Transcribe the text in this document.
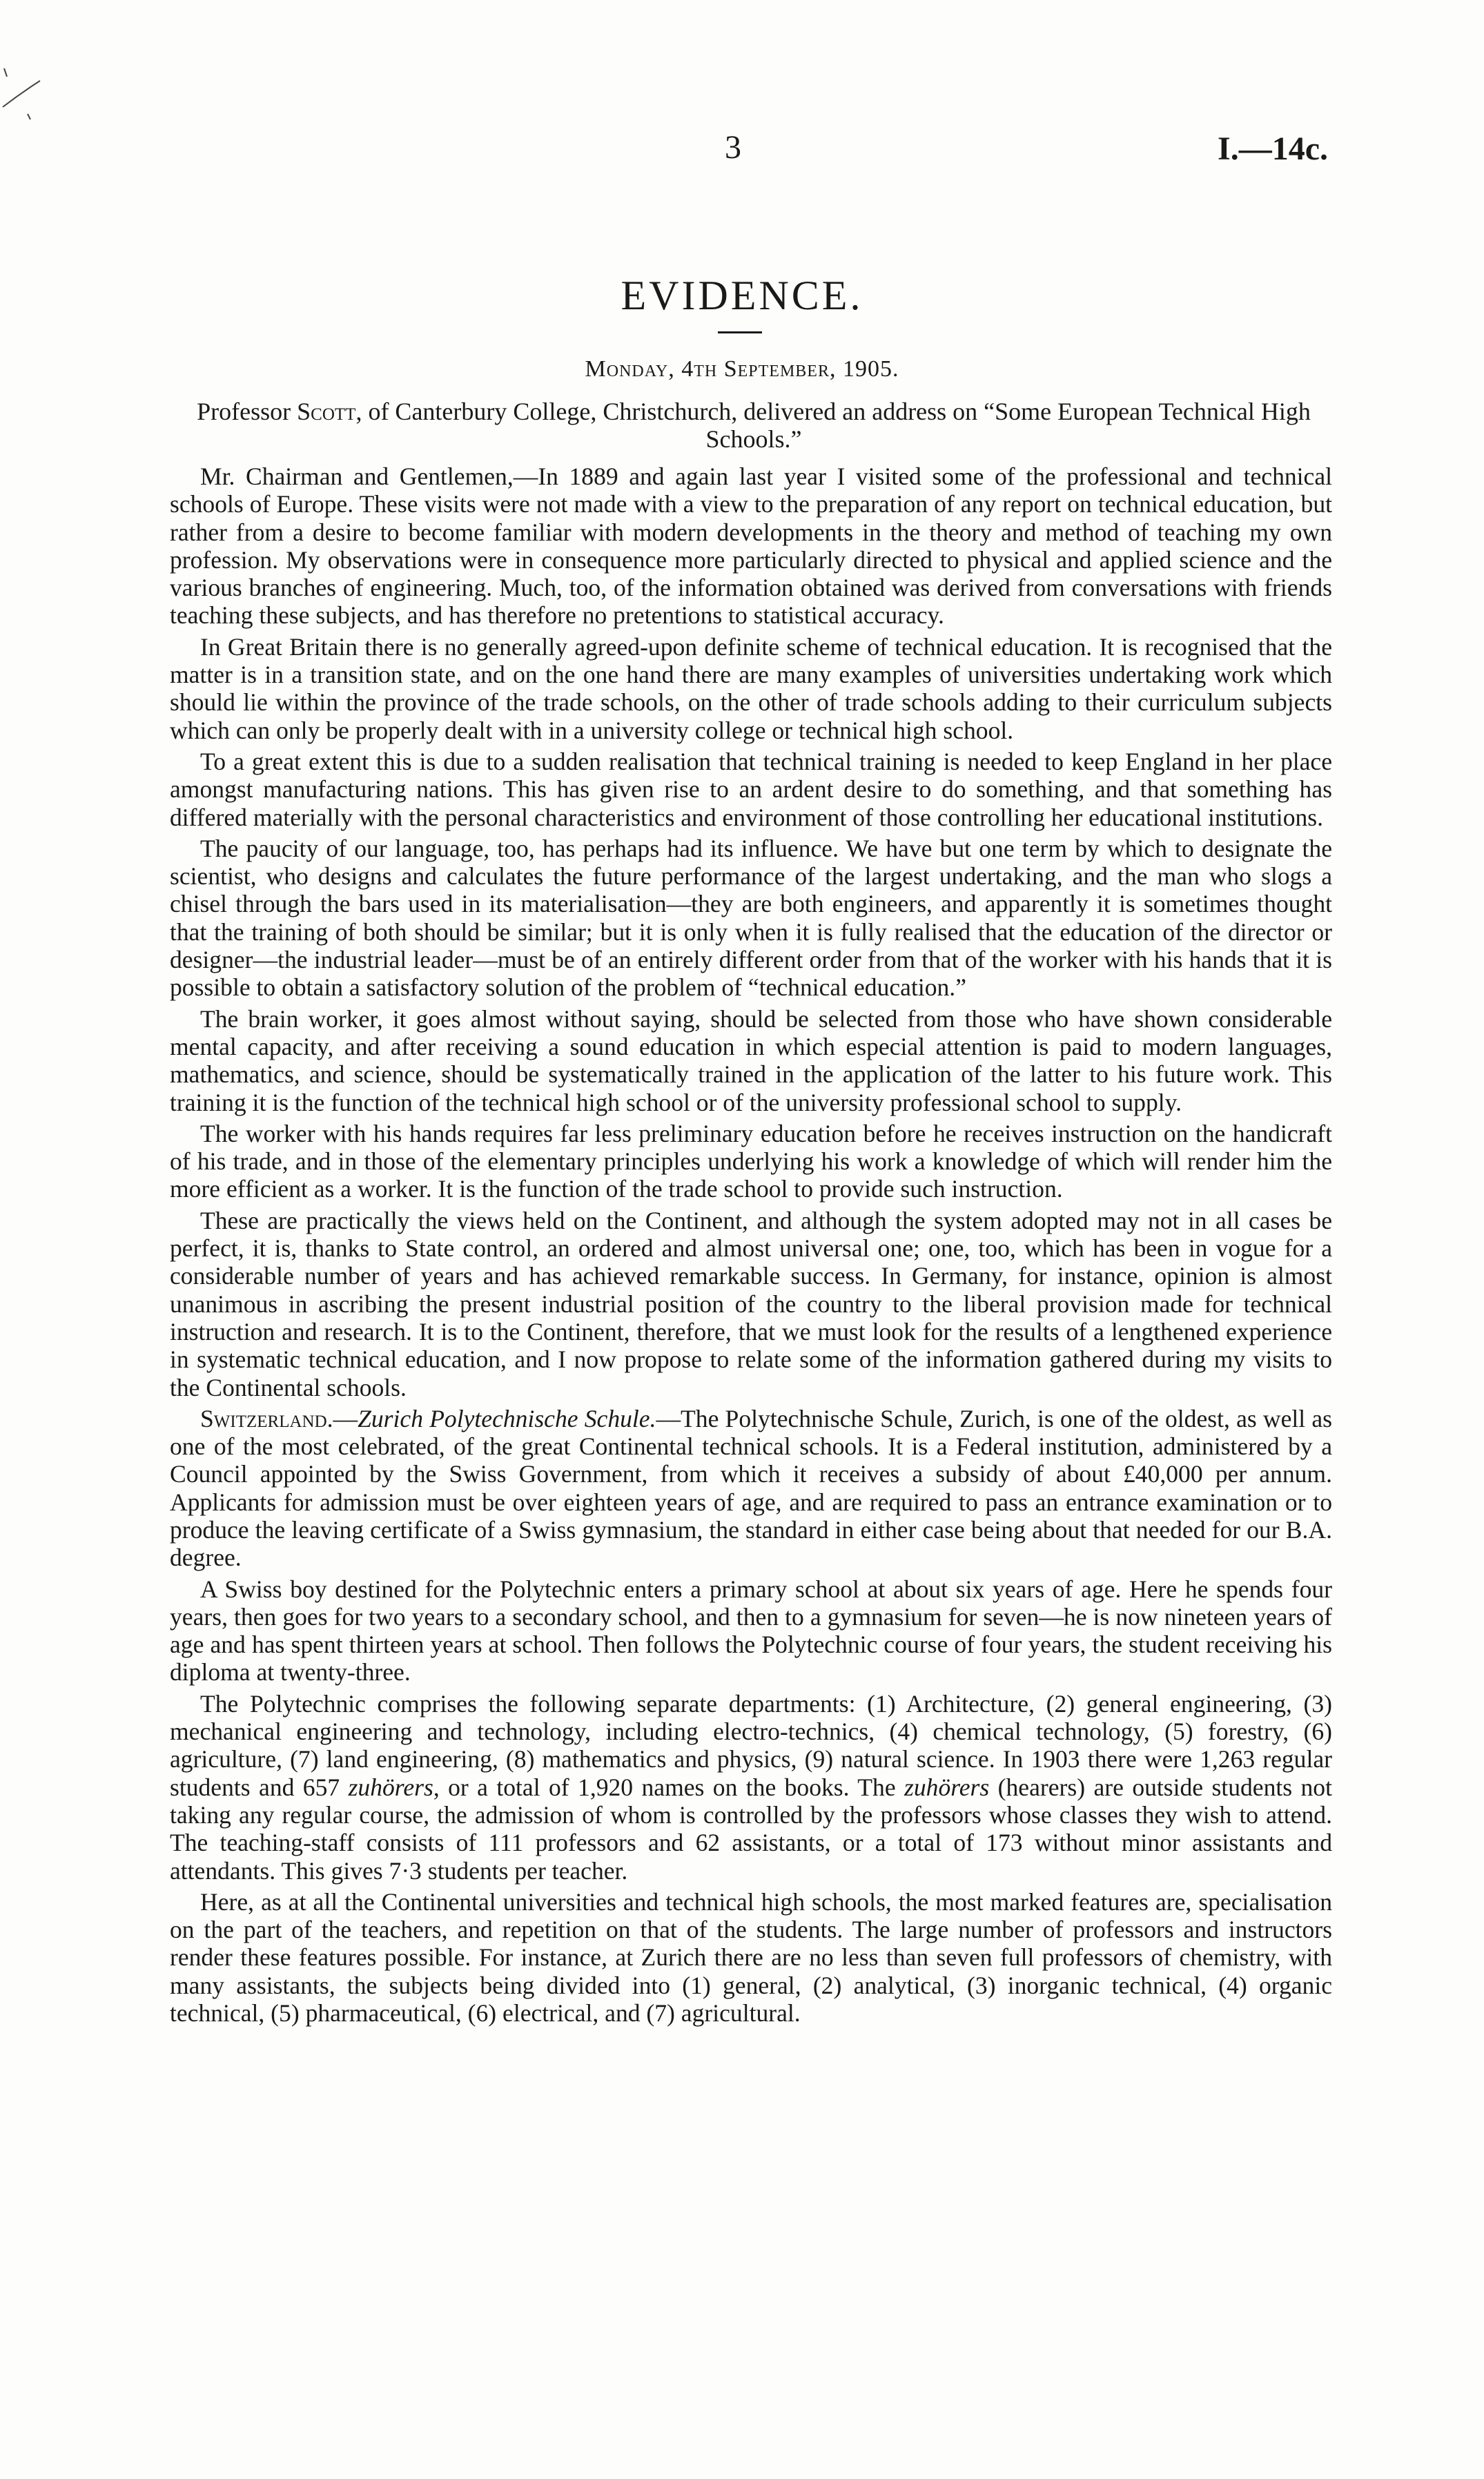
3	I.—14c.
EVIDENCE.
Monday, 4th September, 1905.
Professor Scott, of Canterbury College, Christchurch, delivered an address on “Some European Technical High Schools.”

Mr. Chairman and Gentlemen,—In 1889 and again last year I visited some of the professional and technical schools of Europe. These visits were not made with a view to the preparation of any report on technical education, but rather from a desire to become familiar with modern developments in the theory and method of teaching my own profession. My observations were in consequence more particularly directed to physical and applied science and the various branches of engineering. Much, too, of the information obtained was derived from conversations with friends teaching these subjects, and has therefore no pretentions to statistical accuracy.

In Great Britain there is no generally agreed-upon definite scheme of technical education. It is recognised that the matter is in a transition state, and on the one hand there are many examples of universities undertaking work which should lie within the province of the trade schools, on the other of trade schools adding to their curriculum subjects which can only be properly dealt with in a university college or technical high school.

To a great extent this is due to a sudden realisation that technical training is needed to keep England in her place amongst manufacturing nations. This has given rise to an ardent desire to do something, and that something has differed materially with the personal characteristics and environment of those controlling her educational institutions.

The paucity of our language, too, has perhaps had its influence. We have but one term by which to designate the scientist, who designs and calculates the future performance of the largest undertaking, and the man who slogs a chisel through the bars used in its materialisation—they are both engineers, and apparently it is sometimes thought that the training of both should be similar; but it is only when it is fully realised that the education of the director or designer—the industrial leader—must be of an entirely different order from that of the worker with his hands that it is possible to obtain a satisfactory solution of the problem of “technical education.”

The brain worker, it goes almost without saying, should be selected from those who have shown considerable mental capacity, and after receiving a sound education in which especial attention is paid to modern languages, mathematics, and science, should be systematically trained in the application of the latter to his future work. This training it is the function of the technical high school or of the university professional school to supply.

The worker with his hands requires far less preliminary education before he receives instruction on the handicraft of his trade, and in those of the elementary principles underlying his work a knowledge of which will render him the more efficient as a worker. It is the function of the trade school to provide such instruction.

These are practically the views held on the Continent, and although the system adopted may not in all cases be perfect, it is, thanks to State control, an ordered and almost universal one; one, too, which has been in vogue for a considerable number of years and has achieved remarkable success. In Germany, for instance, opinion is almost unanimous in ascribing the present industrial position of the country to the liberal provision made for technical instruction and research. It is to the Continent, therefore, that we must look for the results of a lengthened experience in systematic technical education, and I now propose to relate some of the information gathered during my visits to the Continental schools.

Switzerland.—Zurich Polytechnische Schule.—The Polytechnische Schule, Zurich, is one of the oldest, as well as one of the most celebrated, of the great Continental technical schools. It is a Federal institution, administered by a Council appointed by the Swiss Government, from which it receives a subsidy of about £40,000 per annum. Applicants for admission must be over eighteen years of age, and are required to pass an entrance examination or to produce the leaving certificate of a Swiss gymnasium, the standard in either case being about that needed for our B.A. degree.

A Swiss boy destined for the Polytechnic enters a primary school at about six years of age. Here he spends four years, then goes for two years to a secondary school, and then to a gymnasium for seven—he is now nineteen years of age and has spent thirteen years at school. Then follows the Polytechnic course of four years, the student receiving his diploma at twenty-three.

The Polytechnic comprises the following separate departments: (1) Architecture, (2) general engineering, (3) mechanical engineering and technology, including electro-technics, (4) chemical technology, (5) forestry, (6) agriculture, (7) land engineering, (8) mathematics and physics, (9) natural science. In 1903 there were 1,263 regular students and 657 zuhörers, or a total of 1,920 names on the books. The zuhörers (hearers) are outside students not taking any regular course, the admission of whom is controlled by the professors whose classes they wish to attend. The teaching-staff consists of 111 professors and 62 assistants, or a total of 173 without minor assistants and attendants. This gives 7·3 students per teacher.

Here, as at all the Continental universities and technical high schools, the most marked features are, specialisation on the part of the teachers, and repetition on that of the students. The large number of professors and instructors render these features possible. For instance, at Zurich there are no less than seven full professors of chemistry, with many assistants, the subjects being divided into (1) general, (2) analytical, (3) inorganic technical, (4) organic technical, (5) pharmaceutical, (6) electrical, and (7) agricultural.
